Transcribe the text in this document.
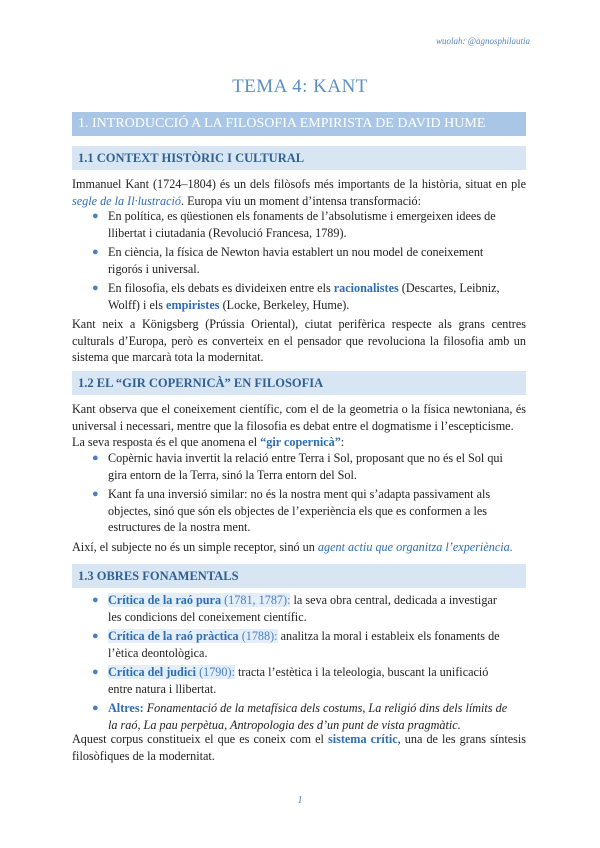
wuolah: @agnosphilautia
TEMA 4: KANT
1. INTRODUCCIÓ A LA FILOSOFIA EMPIRISTA DE DAVID HUME
1.1 CONTEXT HISTÒRIC I CULTURAL
Immanuel Kant (1724–1804) és un dels filòsofs més importants de la història, situat en ple segle de la Il·lustració. Europa viu un moment d’intensa transformació:
● En política, es qüestionen els fonaments de l’absolutisme i emergeixen idees de llibertat i ciutadania (Revolució Francesa, 1789).
● En ciència, la física de Newton havia establert un nou model de coneixement rigorós i universal.
● En filosofia, els debats es divideixen entre els racionalistes (Descartes, Leibniz, Wolff) i els empiristes (Locke, Berkeley, Hume).
Kant neix a Königsberg (Prússia Oriental), ciutat perifèrica respecte als grans centres culturals d’Europa, però es converteix en el pensador que revoluciona la filosofia amb un sistema que marcarà tota la modernitat.
1.2 EL “GIR COPERNICÀ” EN FILOSOFIA
Kant observa que el coneixement científic, com el de la geometria o la física newtoniana, és universal i necessari, mentre que la filosofia es debat entre el dogmatisme i l’escepticisme.
La seva resposta és el que anomena el “gir copernicà”:
● Copèrnic havia invertit la relació entre Terra i Sol, proposant que no és el Sol qui gira entorn de la Terra, sinó la Terra entorn del Sol.
● Kant fa una inversió similar: no és la nostra ment qui s’adapta passivament als objectes, sinó que són els objectes de l’experiència els que es conformen a les estructures de la nostra ment.
Així, el subjecte no és un simple receptor, sinó un agent actiu que organitza l’experiència.
1.3 OBRES FONAMENTALS
● Crítica de la raó pura (1781, 1787): la seva obra central, dedicada a investigar les condicions del coneixement científic.
● Crítica de la raó pràctica (1788): analitza la moral i estableix els fonaments de l’ètica deontològica.
● Crítica del judici (1790): tracta l’estètica i la teleologia, buscant la unificació entre natura i llibertat.
● Altres: Fonamentació de la metafísica dels costums, La religió dins dels límits de la raó, La pau perpètua, Antropologia des d’un punt de vista pragmàtic.
Aquest corpus constitueix el que es coneix com el sistema crític, una de les grans síntesis filosòfiques de la modernitat.
1
